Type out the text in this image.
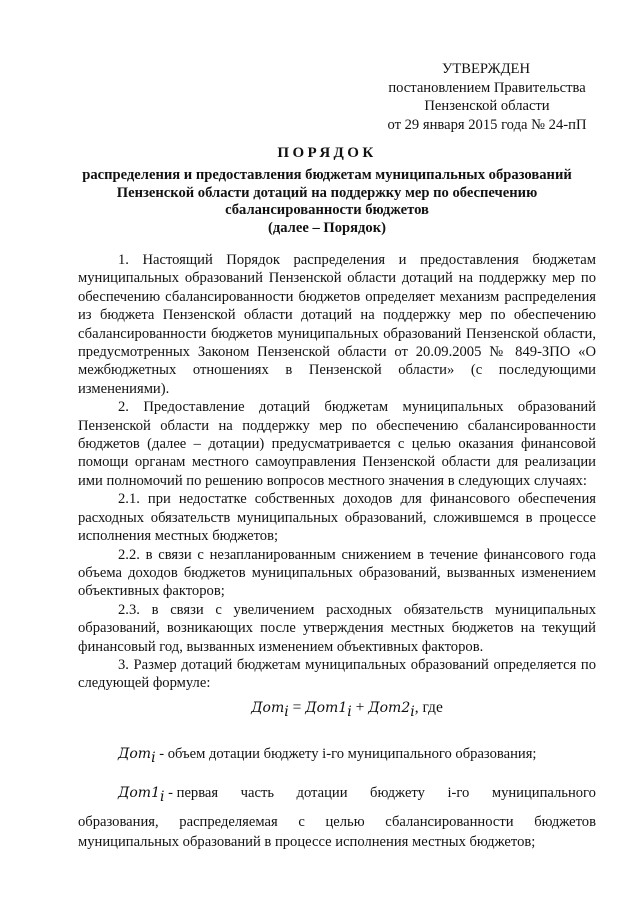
УТВЕРЖДЕН
постановлением Правительства
Пензенской области
от 29 января 2015 года № 24-пП
ПОРЯДОК
распределения и предоставления бюджетам муниципальных образований
Пензенской области дотаций на поддержку мер по обеспечению
сбалансированности бюджетов
(далее – Порядок)

1. Настоящий Порядок распределения и предоставления бюджетам муниципальных образований Пензенской области дотаций на поддержку мер по обеспечению сбалансированности бюджетов определяет механизм распределения из бюджета Пензенской области дотаций на поддержку мер по обеспечению сбалансированности бюджетов муниципальных образований Пензенской области, предусмотренных Законом Пензенской области от 20.09.2005 № 849-ЗПО «О межбюджетных отношениях в Пензенской области» (с последующими изменениями).

2. Предоставление дотаций бюджетам муниципальных образований Пензенской области на поддержку мер по обеспечению сбалансированности бюджетов (далее – дотации) предусматривается с целью оказания финансовой помощи органам местного самоуправления Пензенской области для реализации ими полномочий по решению вопросов местного значения в следующих случаях:

2.1. при недостатке собственных доходов для финансового обеспечения расходных обязательств муниципальных образований, сложившемся в процессе исполнения местных бюджетов;

2.2. в связи с незапланированным снижением в течение финансового года объема доходов бюджетов муниципальных образований, вызванных изменением объективных факторов;

2.3. в связи с увеличением расходных обязательств муниципальных образований, возникающих после утверждения местных бюджетов на текущий финансовый год, вызванных изменением объективных факторов.

3. Размер дотаций бюджетам муниципальных образований определяется по следующей формуле:

$Дот_i = Дот1_i + Дот2_i$, где

Дот$_i$ - объем дотации бюджету i-го муниципального образования;

$Дот1_i$ - первая часть дотации бюджету i-го муниципального

образования, распределяемая с целью сбалансированности бюджетов

муниципальных образований в процессе исполнения местных бюджетов;
